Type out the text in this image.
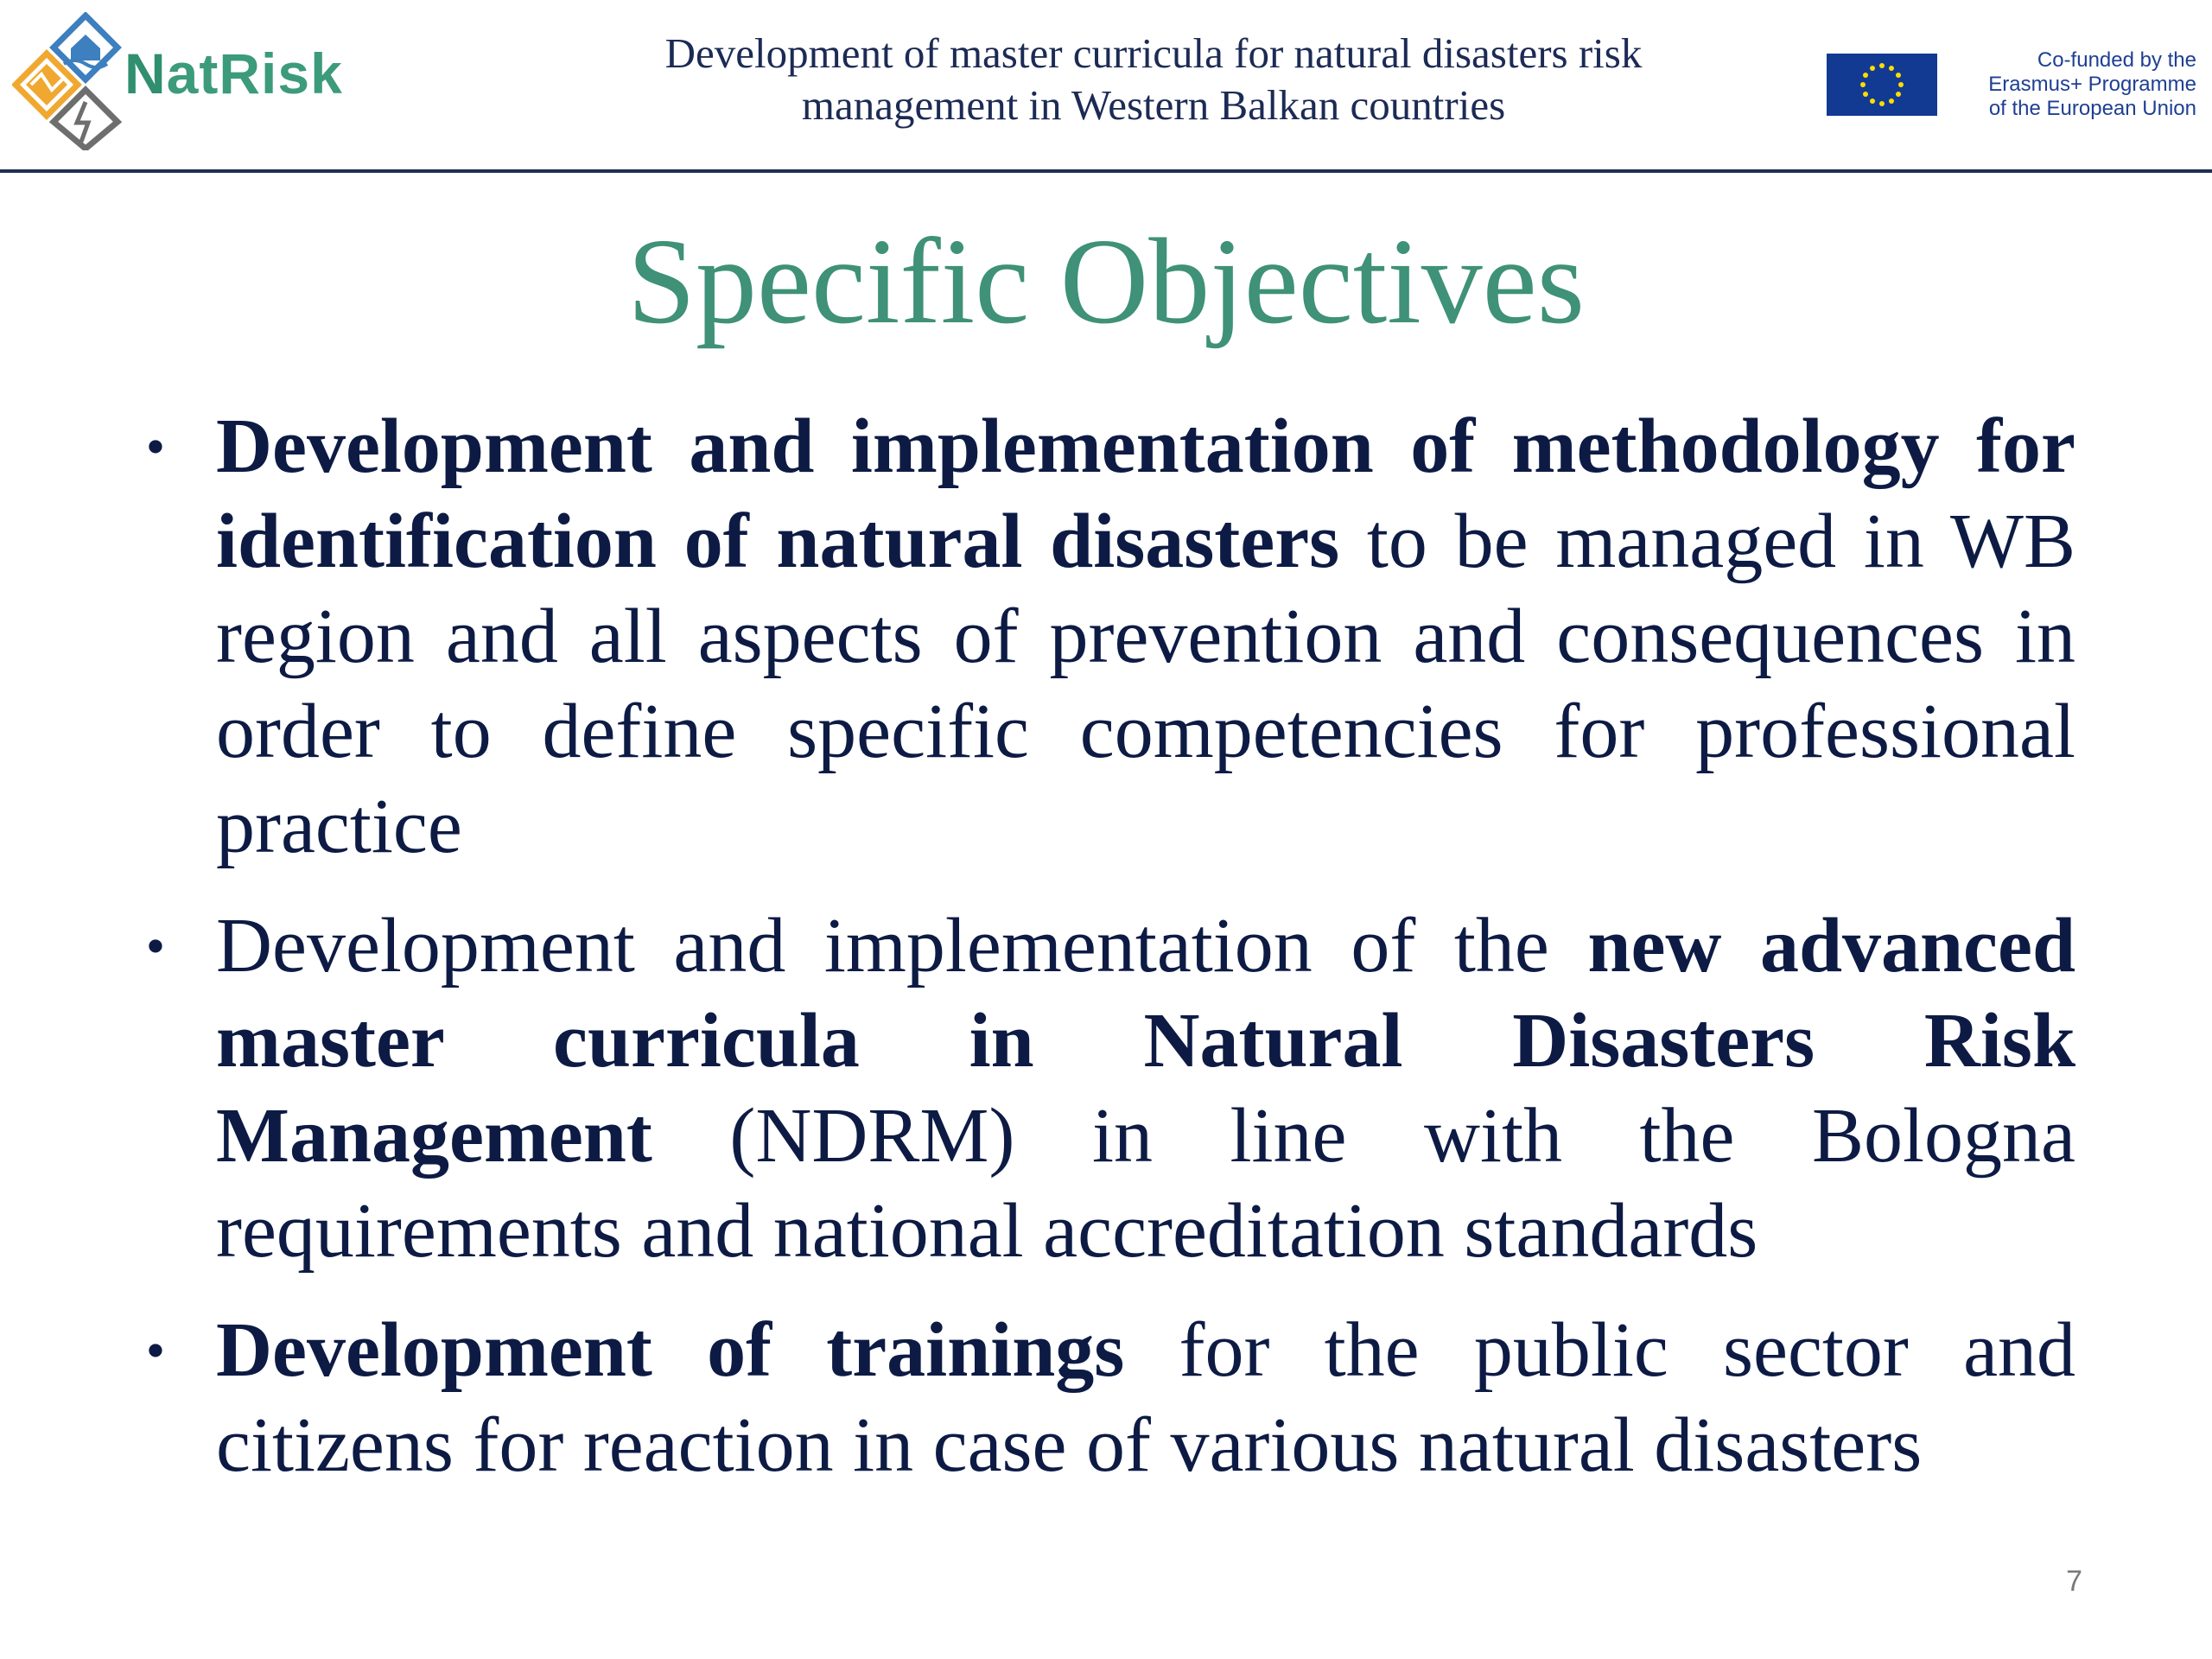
NatRisk	Development of master curricula for natural disasters risk
management in Western Balkan countries
Co-funded by the
Erasmus+ Programme
of the European Union
Specific Objectives
• Development and implementation of methodology for identification of natural disasters to be managed in WB region and all aspects of prevention and consequences in order to define specific competencies for professional practice
• Development and implementation of the new advanced master curricula in Natural Disasters Risk Management (NDRM) in line with the Bologna requirements and national accreditation standards
• Development of trainings for the public sector and citizens for reaction in case of various natural disasters
7
